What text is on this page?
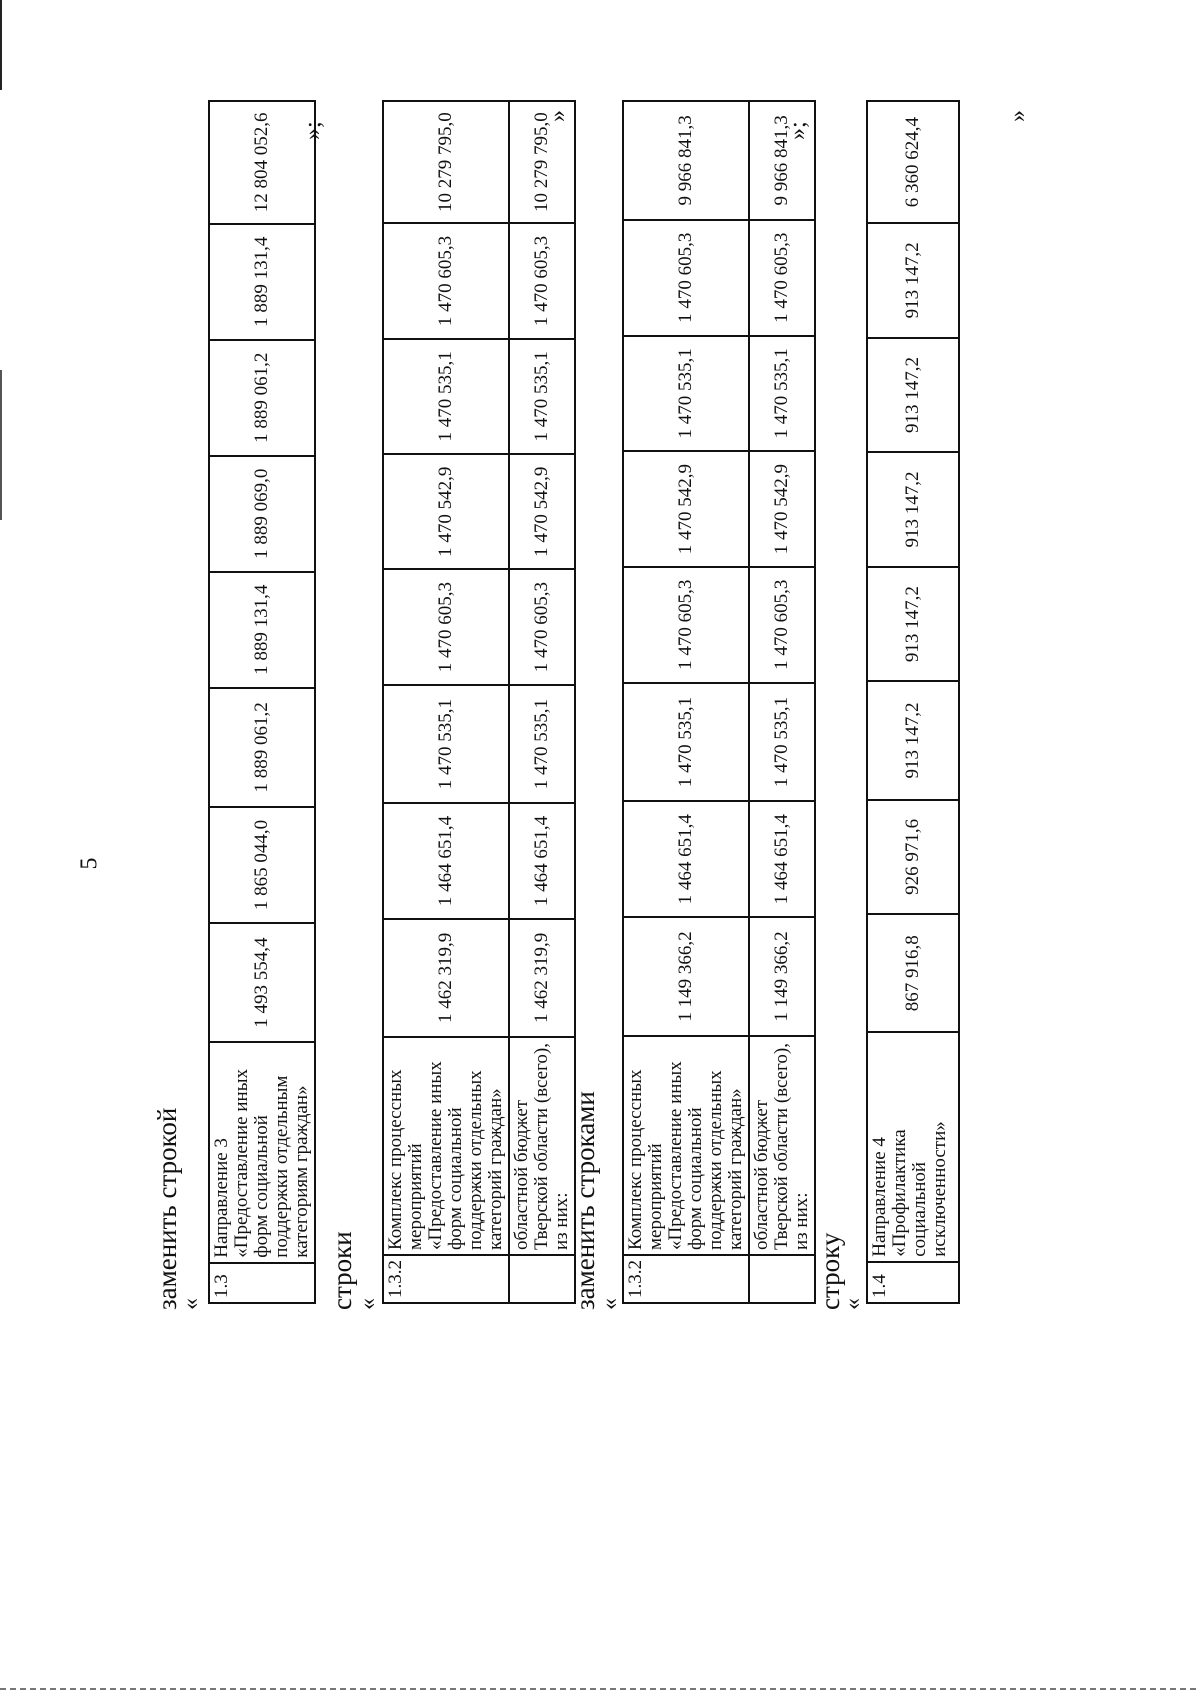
5
заменить строкой
«
1.3	Направление 3 «Предоставление иных форм социальной поддержки отдельным категориям граждан»	1 493 554,4	1 865 044,0	1 889 061,2	1 889 131,4	1 889 069,0	1 889 061,2	1 889 131,4	12 804 052,6 »;
строки
«
1.3.2	Комплекс процессных мероприятий «Предоставление иных форм социальной поддержки отдельных категорий граждан»	1 462 319,9	1 464 651,4	1 470 535,1	1 470 605,3	1 470 542,9	1 470 535,1	1 470 605,3	10 279 795,0
	областной бюджет Тверской области (всего), из них:	1 462 319,9	1 464 651,4	1 470 535,1	1 470 605,3	1 470 542,9	1 470 535,1	1 470 605,3	10 279 795,0
»
заменить строками
«
1.3.2	Комплекс процессных мероприятий «Предоставление иных форм социальной поддержки отдельных категорий граждан»	1 149 366,2	1 464 651,4	1 470 535,1	1 470 605,3	1 470 542,9	1 470 535,1	1 470 605,3	9 966 841,3
	областной бюджет Тверской области (всего), из них:	1 149 366,2	1 464 651,4	1 470 535,1	1 470 605,3	1 470 542,9	1 470 535,1	1 470 605,3	9 966 841,3
»;
строку
«
1.4	Направление 4 «Профилактика социальной исключенности»	867 916,8	926 971,6	913 147,2	913 147,2	913 147,2	913 147,2	913 147,2	6 360 624,4
»
